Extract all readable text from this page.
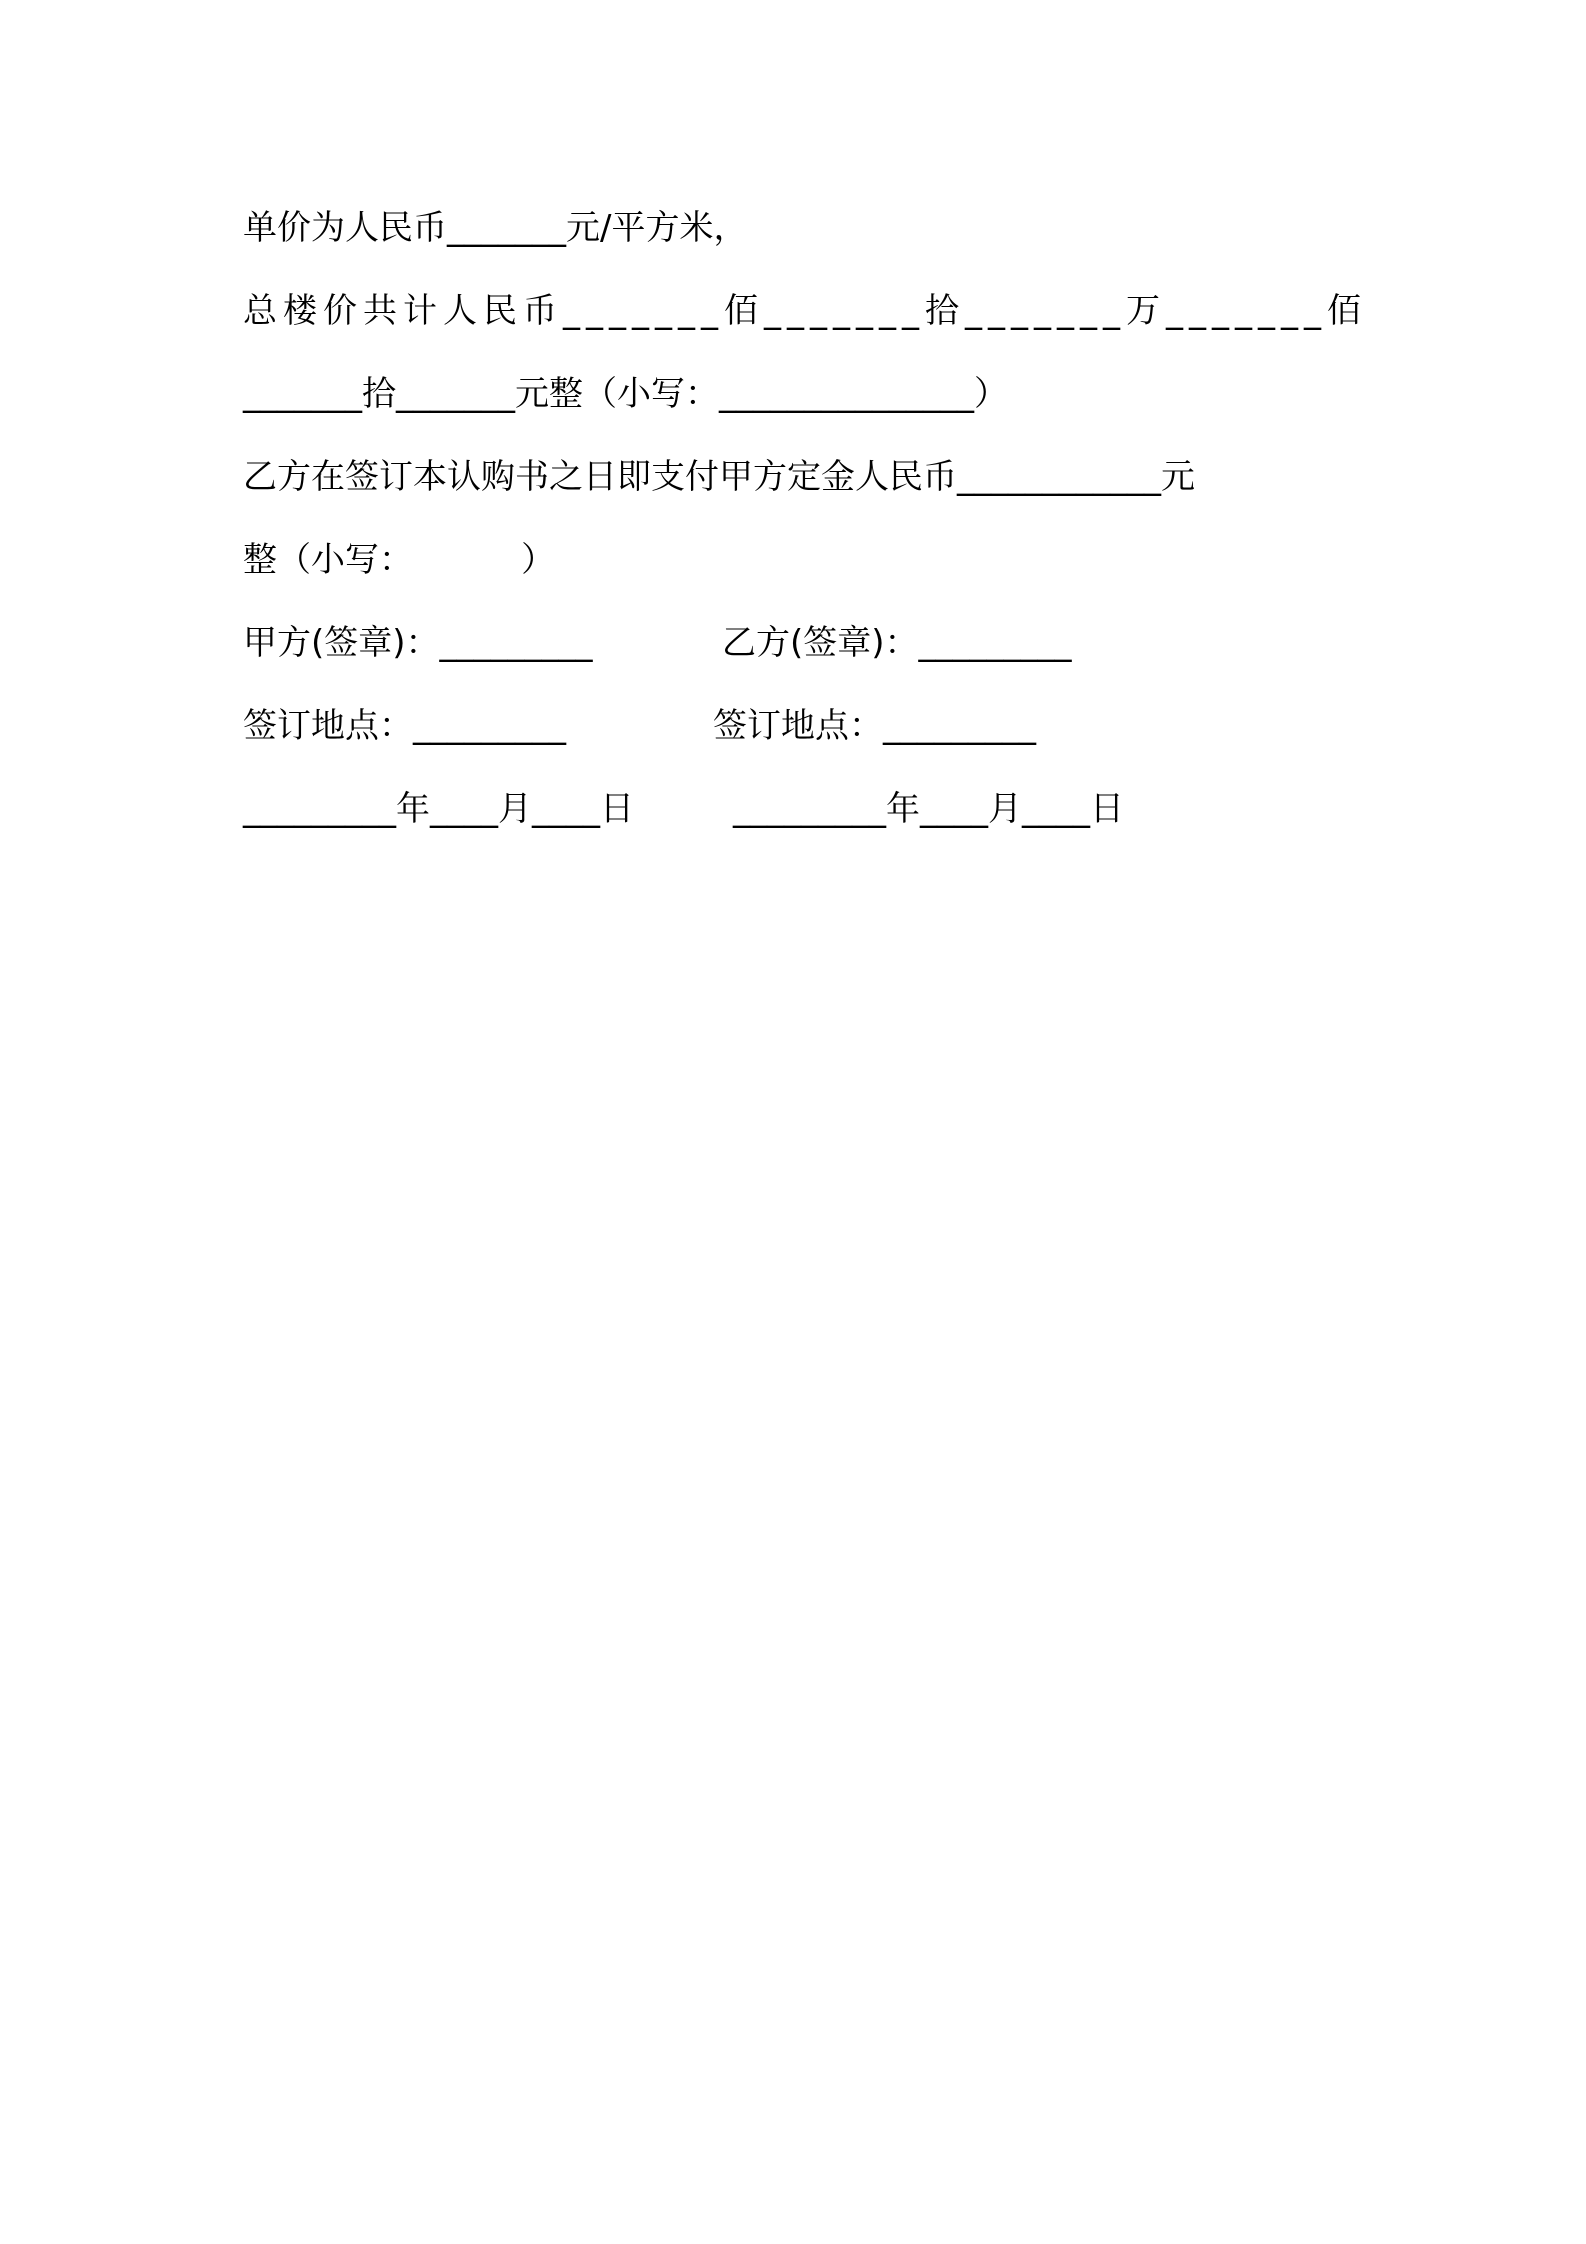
单价为人民币_______元/平方米，
总楼价共计人民币_______佰_______拾_______万_______佰
_______拾_______元整（小写：_______________）
乙方在签订本认购书之日即支付甲方定金人民币____________元
整（小写：          ）
甲方(签章)：_________	乙方(签章)：_________
签订地点：_________	签订地点：_________
_________年____月____日	_________年____月____日
